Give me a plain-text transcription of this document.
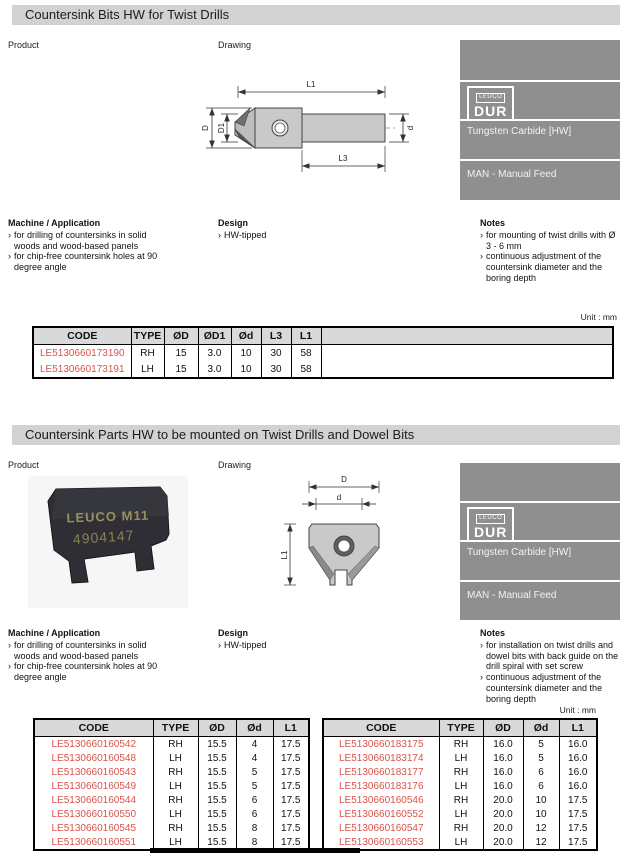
Countersink Bits HW for Twist Drills
Product	Drawing
L1
D D1	d
L3
LEUCO
DUR
Tungsten Carbide [HW]
MAN - Manual Feed
Machine / Application
› for drilling of countersinks in solid woods and wood-based panels
› for chip-free countersink holes at 90 degree angle
Design
› HW-tipped
Notes
› for mounting of twist drills with Ø 3 - 6 mm
› continuous adjustment of the countersink diameter and the boring depth
Unit : mm
CODE	TYPE	ØD	ØD1	Ød	L3	L1	
LE5130660173190	RH	15	3.0	10	30	58	
LE5130660173191	LH	15	3.0	10	30	58	
Countersink Parts HW to be mounted on Twist Drills and Dowel Bits
Product	Drawing
LEUCO M11
4904147
D
d
L1
LEUCO
DUR
Tungsten Carbide [HW]
MAN - Manual Feed
Machine / Application
› for drilling of countersinks in solid woods and wood-based panels
› for chip-free countersink holes at 90 degree angle
Design
› HW-tipped
Notes
› for installation on twist drills and dowel bits with back guide on the drill spiral with set screw
› continuous adjustment of the countersink diameter and the boring depth
Unit : mm
CODE	TYPE	ØD	Ød	L1
LE5130660160542	RH	15.5	4	17.5
LE5130660160548	LH	15.5	4	17.5
LE5130660160543	RH	15.5	5	17.5
LE5130660160549	LH	15.5	5	17.5
LE5130660160544	RH	15.5	6	17.5
LE5130660160550	LH	15.5	6	17.5
LE5130660160545	RH	15.5	8	17.5
LE5130660160551	LH	15.5	8	17.5
CODE	TYPE	ØD	Ød	L1
LE5130660183175	RH	16.0	5	16.0
LE5130660183174	LH	16.0	5	16.0
LE5130660183177	RH	16.0	6	16.0
LE5130660183176	LH	16.0	6	16.0
LE5130660160546	RH	20.0	10	17.5
LE5130660160552	LH	20.0	10	17.5
LE5130660160547	RH	20.0	12	17.5
LE5130660160553	LH	20.0	12	17.5
